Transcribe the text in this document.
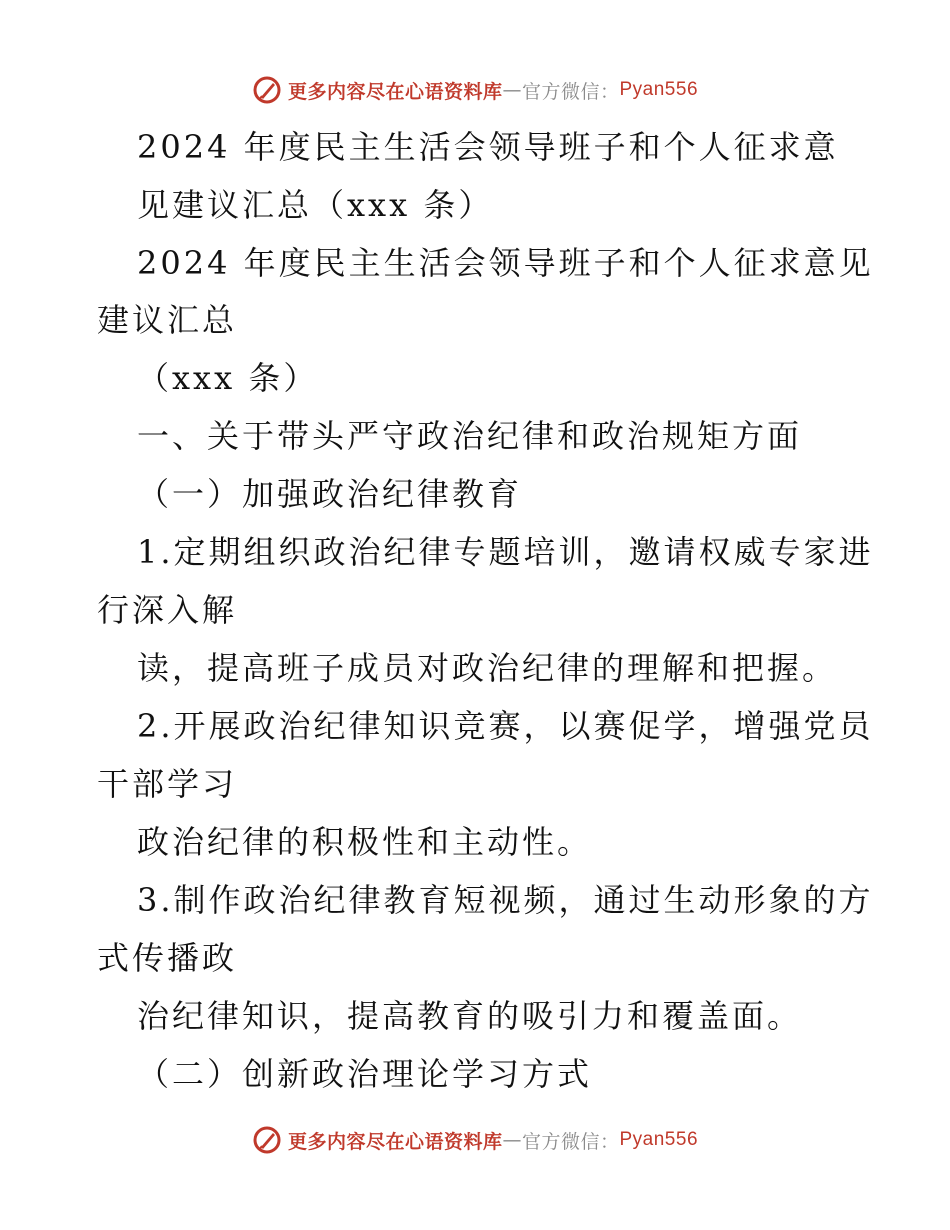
更多内容尽在心语资料库 — 官方微信： Pyan556
2024 年度民主生活会领导班子和个人征求意
见建议汇总（xxx 条）
2024 年度民主生活会领导班子和个人征求意见
建议汇总
（xxx 条）
一、关于带头严守政治纪律和政治规矩方面
（一）加强政治纪律教育
1.定期组织政治纪律专题培训，邀请权威专家进
行深入解
读，提高班子成员对政治纪律的理解和把握。
2.开展政治纪律知识竞赛，以赛促学，增强党员
干部学习
政治纪律的积极性和主动性。
3.制作政治纪律教育短视频，通过生动形象的方
式传播政
治纪律知识，提高教育的吸引力和覆盖面。
（二）创新政治理论学习方式
更多内容尽在心语资料库 — 官方微信： Pyan556
